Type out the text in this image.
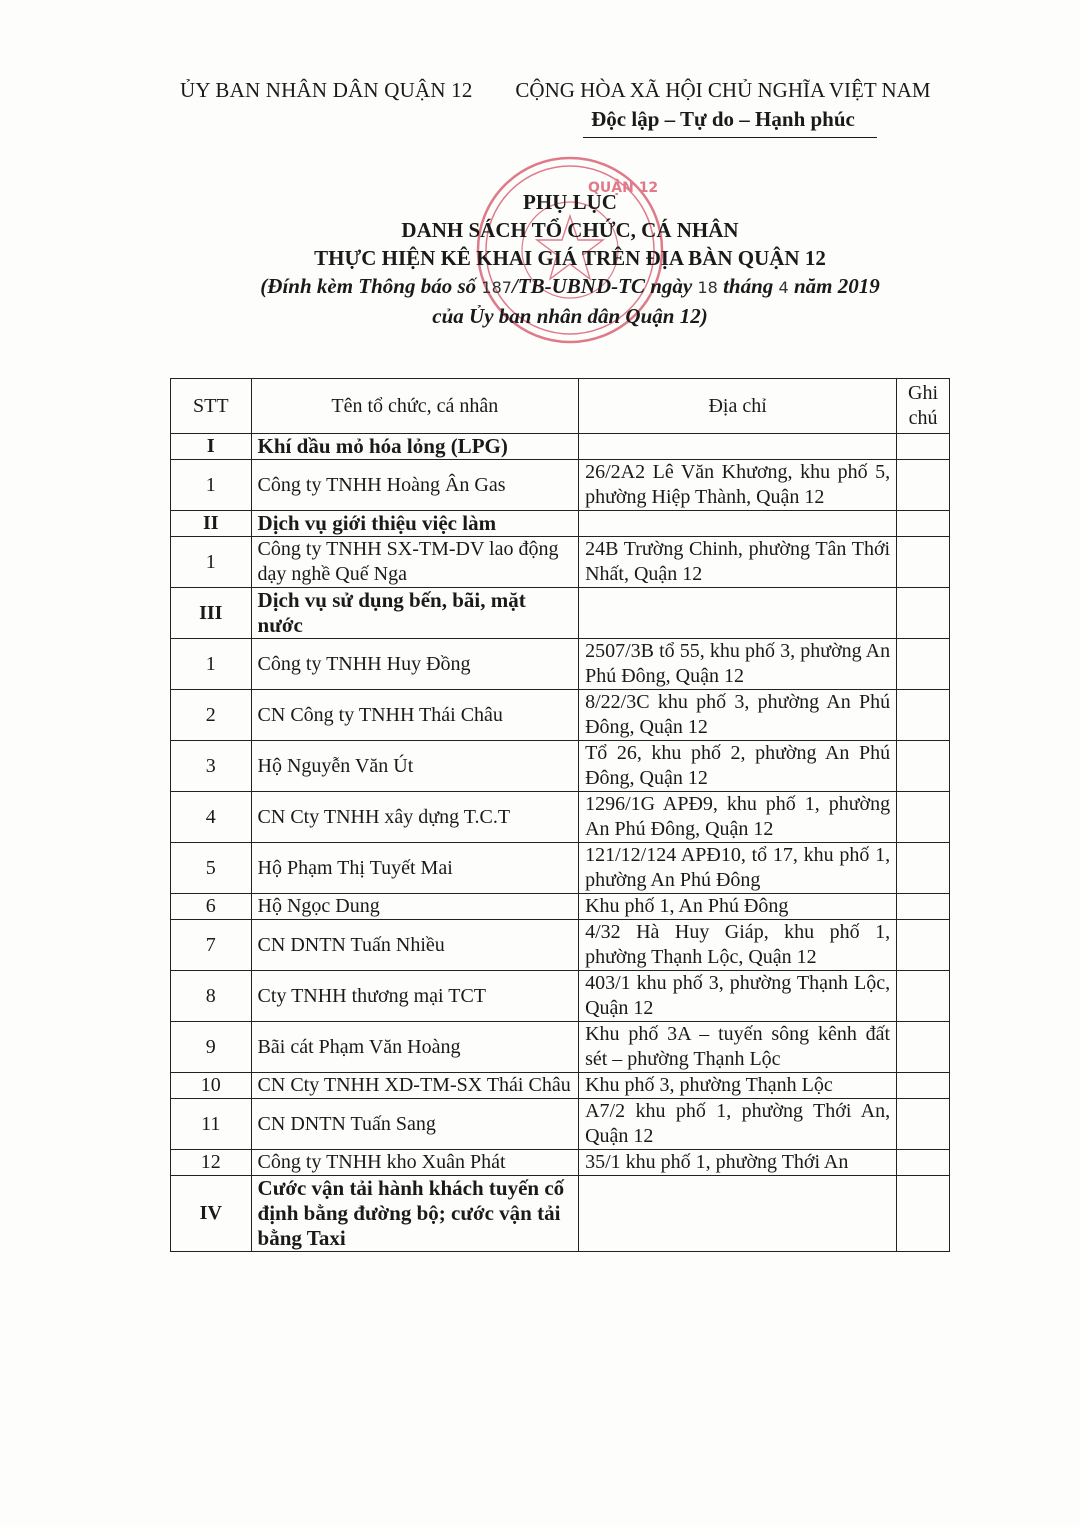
ỦY BAN NHÂN DÂN QUẬN 12	CỘNG HÒA XÃ HỘI CHỦ NGHĨA VIỆT NAM
Độc lập – Tự do – Hạnh phúc
QUẬN 12
PHỤ LỤC
DANH SÁCH TỔ CHỨC, CÁ NHÂN
THỰC HIỆN KÊ KHAI GIÁ TRÊN ĐỊA BÀN QUẬN 12
(Đính kèm Thông báo số 187/TB-UBND-TC ngày 18 tháng 4 năm 2019
của Ủy ban nhân dân Quận 12)
STT	Tên tổ chức, cá nhân	Địa chỉ	Ghi chú
I	Khí dầu mỏ hóa lỏng (LPG)		
1	Công ty TNHH Hoàng Ân Gas	26/2A2 Lê Văn Khương, khu phố 5, phường Hiệp Thành, Quận 12	
II	Dịch vụ giới thiệu việc làm		
1	Công ty TNHH SX-TM-DV lao động dạy nghề Quế Nga	24B Trường Chinh, phường Tân Thới Nhất, Quận 12	
III	Dịch vụ sử dụng bến, bãi, mặt nước		
1	Công ty TNHH Huy Đồng	2507/3B tổ 55, khu phố 3, phường An Phú Đông, Quận 12	
2	CN Công ty TNHH Thái Châu	8/22/3C khu phố 3, phường An Phú Đông, Quận 12	
3	Hộ Nguyễn Văn Út	Tổ 26, khu phố 2, phường An Phú Đông, Quận 12	
4	CN Cty TNHH xây dựng T.C.T	1296/1G APĐ9, khu phố 1, phường An Phú Đông, Quận 12	
5	Hộ Phạm Thị Tuyết Mai	121/12/124 APĐ10, tổ 17, khu phố 1, phường An Phú Đông	
6	Hộ Ngọc Dung	Khu phố 1, An Phú Đông	
7	CN DNTN Tuấn Nhiều	4/32 Hà Huy Giáp, khu phố 1, phường Thạnh Lộc, Quận 12	
8	Cty TNHH thương mại TCT	403/1 khu phố 3, phường Thạnh Lộc, Quận 12	
9	Bãi cát Phạm Văn Hoàng	Khu phố 3A – tuyến sông kênh đất sét – phường Thạnh Lộc	
10	CN Cty TNHH XD-TM-SX Thái Châu	Khu phố 3, phường Thạnh Lộc	
11	CN DNTN Tuấn Sang	A7/2 khu phố 1, phường Thới An, Quận 12	
12	Công ty TNHH kho Xuân Phát	35/1 khu phố 1, phường Thới An	
IV	Cước vận tải hành khách tuyến cố định bằng đường bộ; cước vận tải bằng Taxi		
